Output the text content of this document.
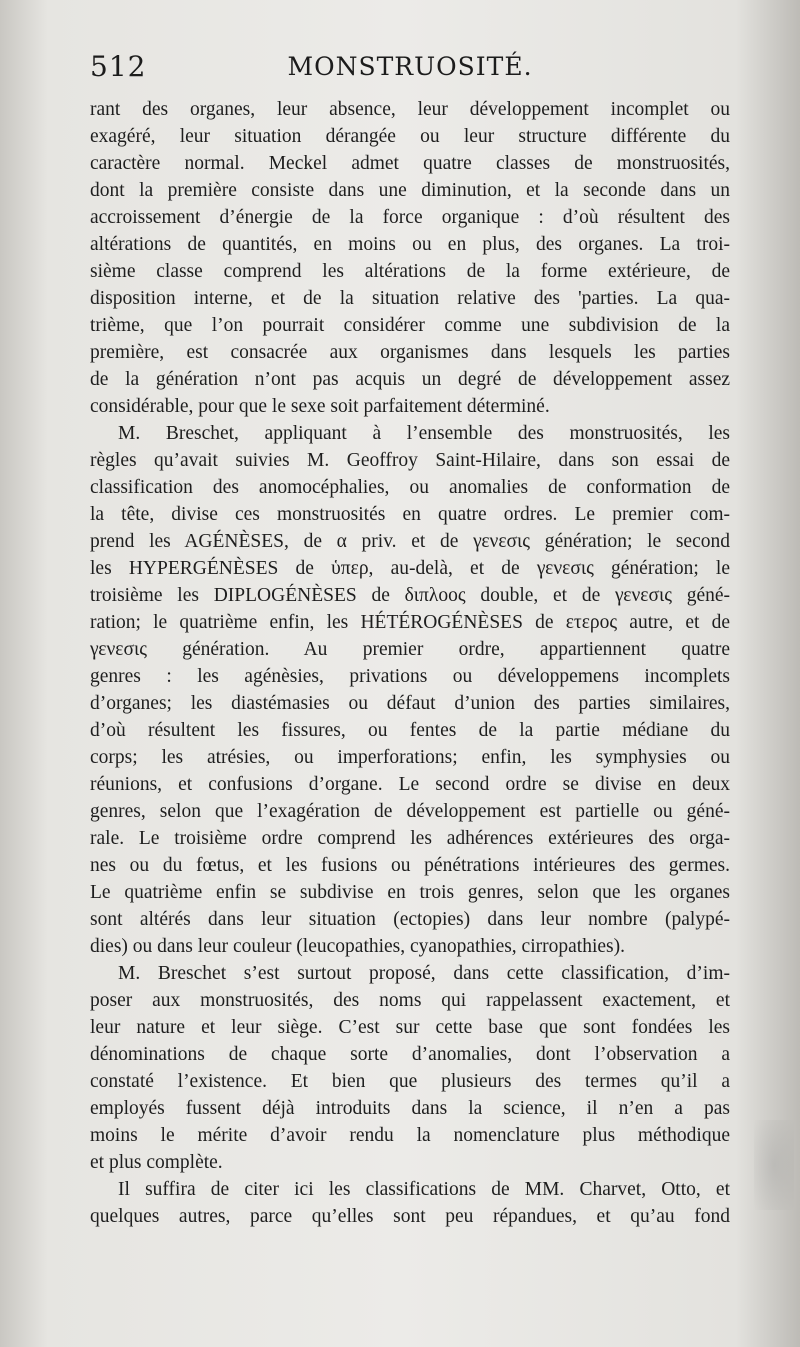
512	MONSTRUOSITÉ.
rant des organes, leur absence, leur développement incomplet ou
exagéré, leur situation dérangée ou leur structure différente du
caractère normal. Meckel admet quatre classes de monstruosités,
dont la première consiste dans une diminution, et la seconde dans un
accroissement d’énergie de la force organique : d’où résultent des
altérations de quantités, en moins ou en plus, des organes. La troi-
sième classe comprend les altérations de la forme extérieure, de
disposition interne, et de la situation relative des 'parties. La qua-
trième, que l’on pourrait considérer comme une subdivision de la
première, est consacrée aux organismes dans lesquels les parties
de la génération n’ont pas acquis un degré de développement assez
considérable, pour que le sexe soit parfaitement déterminé.
M. Breschet, appliquant à l’ensemble des monstruosités, les
règles qu’avait suivies M. Geoffroy Saint-Hilaire, dans son essai de
classification des anomocéphalies, ou anomalies de conformation de
la tête, divise ces monstruosités en quatre ordres. Le premier com-
prend les AGÉNÈSES, de α priv. et de γενεσις génération; le second
les HYPERGÉNÈSES de ὑπερ, au-delà, et de γενεσις génération; le
troisième les DIPLOGÉNÈSES de διπλοος double, et de γενεσις géné-
ration; le quatrième enfin, les HÉTÉROGÉNÈSES de ετερος autre, et de
γενεσις génération. Au premier ordre, appartiennent quatre
genres : les agénèsies, privations ou développemens incomplets
d’organes; les diastémasies ou défaut d’union des parties similaires,
d’où résultent les fissures, ou fentes de la partie médiane du
corps; les atrésies, ou imperforations; enfin, les symphysies ou
réunions, et confusions d’organe. Le second ordre se divise en deux
genres, selon que l’exagération de développement est partielle ou géné-
rale. Le troisième ordre comprend les adhérences extérieures des orga-
nes ou du fœtus, et les fusions ou pénétrations intérieures des germes.
Le quatrième enfin se subdivise en trois genres, selon que les organes
sont altérés dans leur situation (ectopies) dans leur nombre (palypé-
dies) ou dans leur couleur (leucopathies, cyanopathies, cirropathies).
M. Breschet s’est surtout proposé, dans cette classification, d’im-
poser aux monstruosités, des noms qui rappelassent exactement, et
leur nature et leur siège. C’est sur cette base que sont fondées les
dénominations de chaque sorte d’anomalies, dont l’observation a
constaté l’existence. Et bien que plusieurs des termes qu’il a
employés fussent déjà introduits dans la science, il n’en a pas
moins le mérite d’avoir rendu la nomenclature plus méthodique
et plus complète.
Il suffira de citer ici les classifications de MM. Charvet, Otto, et
quelques autres, parce qu’elles sont peu répandues, et qu’au fond
